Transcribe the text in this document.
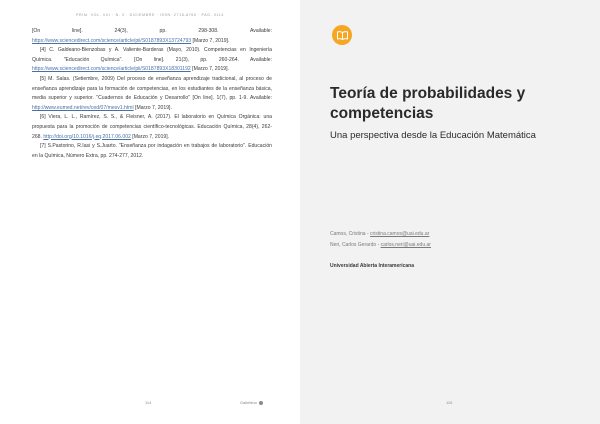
PRIM. VOL. XIII · N. 3 · DICIEMBRE · ISSN: 2718-8760 · PAG. 0114

[On line]. 24(3), pp. 298-308. Available: https://www.sciencedirect.com/science/article/pii/S0187893X13724793 [Marzo 7, 2019].

[4] C. Galdeano-Bienzobas y A. Valiente-Barderas (Mayo, 2010). Competencias en Ingeniería Química. "Educación Química". [On line]. 21(3), pp. 260-264. Available: https://www.sciencedirect.com/science/article/pii/S0187893X18301192 [Marzo 7, 2019].

[5] M. Salas. (Setiembre, 2009) Del proceso de enseñanza aprendizaje tradicional, al proceso de enseñanza aprendizaje para la formación de competencias, en los estudiantes de la enseñanza básica, media superior y superior. "Cuadernos de Educación y Desarrollo" [On line]. 1(7), pp. 1-9. Available: http://www.eumed.net/rev/ced/07/mesv1.html [Marzo 7, 2019].

[6] Viera, L. L., Ramírez, S. S., & Fleisner, A. (2017). El laboratorio en Química Orgánica: una propuesta para la promoción de competencias científico-tecnológicas. Educación Química, 28(4), 262-268. http://doi.org/10.1016/j.eq.2017.06.002 [Marzo 7, 2019].

[7] S.Pastorino, R.Iasi y S.Juarto. "Enseñanza por indagación en trabajos de laboratorio". Educación en la Química, Número Extra, pp. 274-277, 2012.

114	Gallettino
Teoría de probabilidades y competencias

Una perspectiva desde la Educación Matemática

Camos, Cristina - cristina.camos@uai.edu.ar
Neri, Carlos Gerardo - carlos.neri@uai.edu.ar
Universidad Abierta Interamericana
115
